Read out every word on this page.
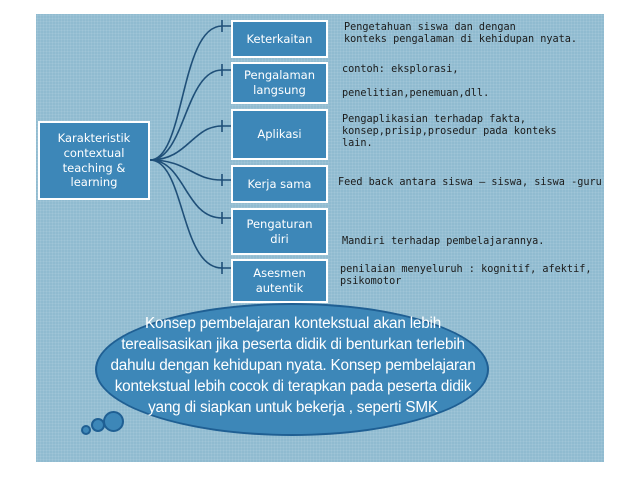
Karakteristik
contextual
teaching &
learning
Keterkaitan
Pengalaman
langsung
Aplikasi
Kerja sama
Pengaturan
diri
Asesmen
autentik
Pengetahuan siswa dan dengan
konteks pengalaman di kehidupan nyata.
contoh: eksplorasi,

penelitian,penemuan,dll.
Pengaplikasian terhadap fakta,
konsep,prisip,prosedur pada konteks
lain.
Feed back antara siswa – siswa, siswa -guru
Mandiri terhadap pembelajarannya.
penilaian menyeluruh : kognitif, afektif,
psikomotor
Konsep pembelajaran kontekstual akan lebih
terealisasikan jika peserta didik di benturkan terlebih
dahulu dengan kehidupan nyata. Konsep pembelajaran
kontekstual lebih cocok di terapkan pada peserta didik
yang di siapkan untuk bekerja , seperti SMK
